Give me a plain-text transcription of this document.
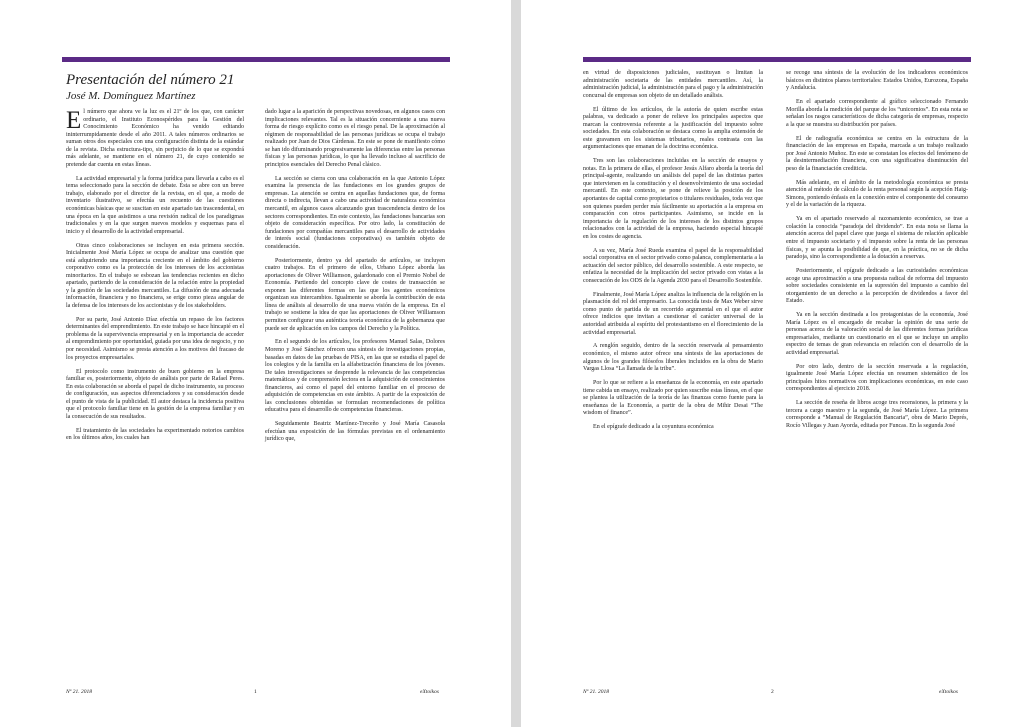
Presentación del número 21
José M. Domínguez Martínez

El número que ahora ve la luz es el 21º de los que, con carácter ordinario, el Instituto Econospérides para la Gestión del Conocimiento Económico ha venido editando ininterrumpidamente desde el año 2011. A tales números ordinarios se suman otros dos especiales con una configuración distinta de la estándar de la revista. Dicha estructura-tipo, sin perjuicio de lo que se expondrá más adelante, se mantiene en el número 21, de cuyo contenido se pretende dar cuenta en estas líneas.

La actividad empresarial y la forma jurídica para llevarla a cabo es el tema seleccionado para la sección de debate. Ésta se abre con un breve trabajo, elaborado por el director de la revista, en el que, a modo de inventario ilustrativo, se efectúa un recuento de las cuestiones económicas básicas que se suscitan en este apartado tan trascendental, en una época en la que asistimos a una revisión radical de los paradigmas tradicionales y en la que surgen nuevos modelos y esquemas para el inicio y el desarrollo de la actividad empresarial.

Otras cinco colaboraciones se incluyen en esta primera sección. Inicialmente José María López se ocupa de analizar una cuestión que está adquiriendo una importancia creciente en el ámbito del gobierno corporativo como es la protección de los intereses de los accionistas minoritarios. En el trabajo se esbozan las tendencias recientes en dicho apartado, partiendo de la consideración de la relación entre la propiedad y la gestión de las sociedades mercantiles. La difusión de una adecuada información, financiera y no financiera, se erige como pieza angular de la defensa de los intereses de los accionistas y de los stakeholders.

Por su parte, José Antonio Díaz efectúa un repaso de los factores determinantes del emprendimiento. En este trabajo se hace hincapié en el problema de la supervivencia empresarial y en la importancia de acceder al emprendimiento por oportunidad, guiada por una idea de negocio, y no por necesidad. Asimismo se presta atención a los motivos del fracaso de los proyectos empresariales.

El protocolo como instrumento de buen gobierno en la empresa familiar es, posteriormente, objeto de análisis por parte de Rafael Peres. En esta colaboración se aborda el papel de dicho instrumento, su proceso de configuración, sus aspectos diferenciadores y su consideración desde el punto de vista de la publicidad. El autor destaca la incidencia positiva que el protocolo familiar tiene en la gestión de la empresa familiar y en la consecución de sus resultados.

El tratamiento de las sociedades ha experimentado notorios cambios en los últimos años, los cuales han

dado lugar a la aparición de perspectivas novedosas, en algunos casos con implicaciones relevantes. Tal es la situación concerniente a una nueva forma de riesgo explícito como es el riesgo penal. De la aproximación al régimen de responsabilidad de las personas jurídicas se ocupa el trabajo realizado por Juan de Dios Cárdenas. En este se pone de manifiesto cómo se han ido difuminando progresivamente las diferencias entre las personas físicas y las personas jurídicas, lo que ha llevado incluso al sacrificio de principios esenciales del Derecho Penal clásico.

La sección se cierra con una colaboración en la que Antonio López examina la presencia de las fundaciones en los grandes grupos de empresas. La atención se centra en aquellas fundaciones que, de forma directa o indirecta, llevan a cabo una actividad de naturaleza económica mercantil, en algunos casos alcanzando gran trascendencia dentro de los sectores correspondientes. En este contexto, las fundaciones bancarias son objeto de consideración específica. Por otro lado, la constitución de fundaciones por compañías mercantiles para el desarrollo de actividades de interés social (fundaciones corporativas) es también objeto de consideración.

Posteriormente, dentro ya del apartado de artículos, se incluyen cuatro trabajos. En el primero de ellos, Urbano López aborda las aportaciones de Oliver Williamson, galardonado con el Premio Nobel de Economía. Partiendo del concepto clave de costes de transacción se exponen las diferentes formas en las que los agentes económicos organizan sus intercambios. Igualmente se aborda la contribución de esta línea de análisis al desarrollo de una nueva visión de la empresa. En el trabajo se sostiene la idea de que las aportaciones de Oliver Williamson permiten configurar una auténtica teoría económica de la gobernanza que puede ser de aplicación en los campos del Derecho y la Política.

En el segundo de los artículos, los profesores Manuel Salas, Dolores Moreno y José Sánchez ofrecen una síntesis de investigaciones propias, basadas en datos de las pruebas de PISA, en las que se estudia el papel de los colegios y de la familia en la alfabetización financiera de los jóvenes. De tales investigaciones se desprende la relevancia de las competencias matemáticas y de comprensión lectora en la adquisición de conocimientos financieros, así como el papel del entorno familiar en el proceso de adquisición de competencias en este ámbito. A partir de la exposición de las conclusiones obtenidas se formulan recomendaciones de política educativa para el desarrollo de competencias financieras.

Seguidamente Beatriz Martínez-Treceño y José María Casasola efectúan una exposición de las fórmulas previstas en el ordenamiento jurídico que,

Nº 21. 2018	1	eXtoikos

en virtud de disposiciones judiciales, sustituyan o limitan la administración societaria de las entidades mercantiles. Así, la administración judicial, la administración para el pago y la administración concursal de empresas son objeto de un detallado análisis.

El último de los artículos, de la autoría de quien escribe estas palabras, va dedicado a poner de relieve los principales aspectos que marcan la controversia referente a la justificación del impuesto sobre sociedades. En esta colaboración se destaca como la amplia extensión de este gravamen en los sistemas tributarios, reales contrasta con las argumentaciones que emanan de la doctrina económica.

Tres son las colaboraciones incluidas en la sección de ensayos y notas. En la primera de ellas, el profesor Jesús Alfaro aborda la teoría del principal-agente, realizando un análisis del papel de las distintas partes que intervienen en la constitución y el desenvolvimiento de una sociedad mercantil. En este contexto, se pone de relieve la posición de los aportantes de capital como propietarios o titulares residuales, toda vez que son quienes pueden perder más fácilmente su aportación a la empresa en comparación con otros participantes. Asimismo, se incide en la importancia de la regulación de los intereses de los distintos grupos relacionados con la actividad de la empresa, haciendo especial hincapié en los costes de agencia.

A su vez, María José Rueda examina el papel de la responsabilidad social corporativa en el sector privado como palanca, complementaria a la actuación del sector público, del desarrollo sostenible. A este respecto, se enfatiza la necesidad de la implicación del sector privado con vistas a la consecución de los ODS de la Agenda 2030 para el Desarrollo Sostenible.

Finalmente, José María López analiza la influencia de la religión en la plasmación del rol del empresario. La conocida tesis de Max Weber sirve como punto de partida de un recorrido argumental en el que el autor ofrece indicios que invitan a cuestionar el carácter universal de la autoridad atribuida al espíritu del protestantismo en el florecimiento de la actividad empresarial.

A renglón seguido, dentro de la sección reservada al pensamiento económico, el mismo autor ofrece una síntesis de las aportaciones de algunos de los grandes filósofos liberales incluidos en la obra de Mario Vargas Llosa “La llamada de la tribu”.

Por lo que se refiere a la enseñanza de la economía, en este apartado tiene cabida un ensayo, realizado por quien suscribe estas líneas, en el que se plantea la utilización de la teoría de las finanzas como fuente para la enseñanza de la Economía, a partir de la obra de Mihir Desai “The wisdom of finance”.

En el epígrafe dedicado a la coyuntura económica

se recoge una síntesis de la evolución de los indicadores económicos básicos en distintos planos territoriales: Estados Unidos, Eurozona, España y Andalucía.

En el apartado correspondiente al gráfico seleccionado Fernando Morilla aborda la medición del parque de los “unicornios”. En esta nota se señalan los rasgos característicos de dicha categoría de empresas, respecto a la que se muestra su distribución por países.

El de radiografía económica se centra en la estructura de la financiación de las empresas en España, marcada a un trabajo realizado por José Antonio Muñoz. En este se constatan los efectos del fenómeno de la desintermediación financiera, con una significativa disminución del peso de la financiación crediticia.

Más adelante, en el ámbito de la metodología económica se presta atención al método de cálculo de la renta personal según la acepción Haig-Simons, poniendo énfasis en la conexión entre el componente del consumo y el de la variación de la riqueza.

Ya en el apartado reservado al razonamiento económico, se trae a colación la conocida “paradoja del dividendo”. En esta nota se llama la atención acerca del papel clave que juega el sistema de relación aplicable entre el impuesto societario y el impuesto sobre la renta de las personas físicas, y se apunta la posibilidad de que, en la práctica, no se de dicha paradoja, sino la correspondiente a la dotación a reservas.

Posteriormente, el epígrafe dedicado a las curiosidades económicas acoge una aproximación a una propuesta radical de reforma del impuesto sobre sociedades consistente en la supresión del impuesto a cambio del otorgamiento de un derecho a la percepción de dividendos a favor del Estado.

Ya en la sección destinada a los protagonistas de la economía, José María López es el encargado de recabar la opinión de una serie de personas acerca de la valoración social de las diferentes formas jurídicas empresariales, mediante un cuestionario en el que se incluye un amplio espectro de temas de gran relevancia en relación con el desarrollo de la actividad empresarial.

Por otro lado, dentro de la sección reservada a la regulación, igualmente José María López efectúa un resumen sistemático de los principales hitos normativos con implicaciones económicas, en este caso correspondientes al ejercicio 2018.

La sección de reseña de libros acoge tres recensiones, la primera y la tercera a cargo maestro y la segunda, de José María López. La primera corresponde a “Manual de Regulación Bancaria”, obra de Mario Deprés, Rocío Villegas y Juan Ayorda, editada por Funcas. En la segunda José

Nº 21. 2018	2	eXtoikos
